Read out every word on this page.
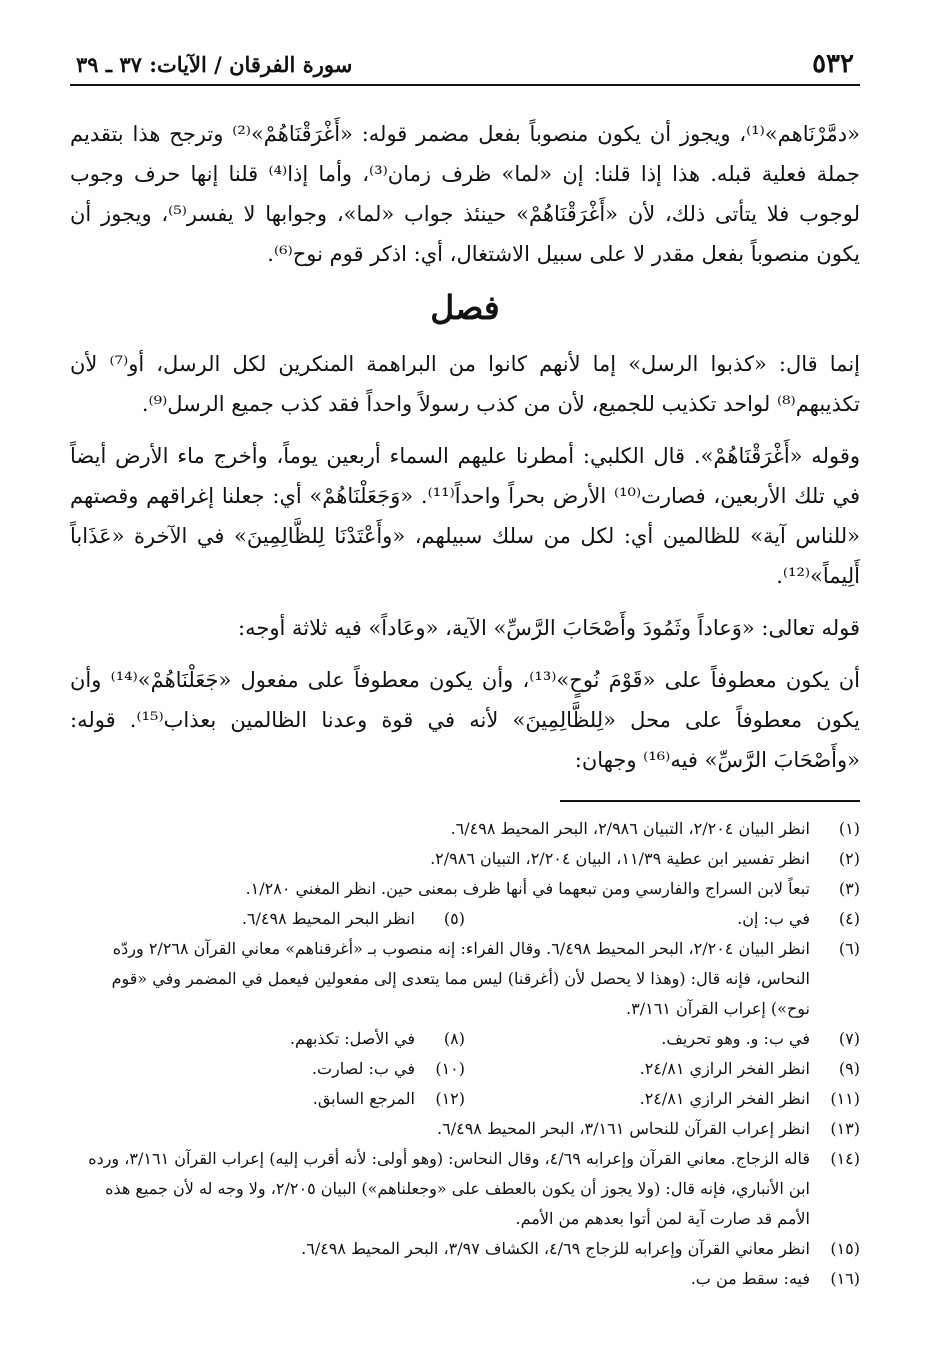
٥٣٢
سورة الفرقان / الآيات: ٣٧ ـ ٣٩

«دمَّرْنَاهم»⁽¹⁾، ويجوز أن يكون منصوباً بفعل مضمر قوله: «أَغْرَقْنَاهُمْ»⁽²⁾ وترجح هذا بتقديم جملة فعلية قبله. هذا إذا قلنا: إن «لما» ظرف زمان⁽³⁾، وأما إذا⁽⁴⁾ قلنا إنها حرف وجوب لوجوب فلا يتأتى ذلك، لأن «أَغْرَقْنَاهُمْ» حينئذ جواب «لما»، وجوابها لا يفسر⁽⁵⁾، ويجوز أن يكون منصوباً بفعل مقدر لا على سبيل الاشتغال، أي: اذكر قوم نوح⁽⁶⁾.

فصل

إنما قال: «كذبوا الرسل» إما لأنهم كانوا من البراهمة المنكرين لكل الرسل، أو⁽⁷⁾ لأن تكذيبهم⁽⁸⁾ لواحد تكذيب للجميع، لأن من كذب رسولاً واحداً فقد كذب جميع الرسل⁽⁹⁾.

وقوله «أَغْرَقْنَاهُمْ». قال الكلبي: أمطرنا عليهم السماء أربعين يوماً، وأخرج ماء الأرض أيضاً في تلك الأربعين، فصارت⁽¹⁰⁾ الأرض بحراً واحداً⁽¹¹⁾. «وَجَعَلْنَاهُمْ» أي: جعلنا إغراقهم وقصتهم «للناس آية» للظالمين أي: لكل من سلك سبيلهم، «وأَعْتَدْنَا لِلظَّالِمِينَ» في الآخرة «عَذَاباً أَلِيماً»⁽¹²⁾.

قوله تعالى: «وَعاداً وثَمُودَ وأَصْحَابَ الرَّسِّ» الآية، «وعَاداً» فيه ثلاثة أوجه:

أن يكون معطوفاً على «قَوْمَ نُوحٍ»⁽¹³⁾، وأن يكون معطوفاً على مفعول «جَعَلْنَاهُمْ»⁽¹⁴⁾ وأن يكون معطوفاً على محل «لِلظَّالِمِينَ» لأنه في قوة وعدنا الظالمين بعذاب⁽¹⁵⁾. قوله: «وأَصْحَابَ الرَّسِّ» فيه⁽¹⁶⁾ وجهان:

(١)
انظر البيان ٢/٢٠٤، التبيان ٢/٩٨٦، البحر المحيط ٦/٤٩٨.
(٢)
انظر تفسير ابن عطية ١١/٣٩، البيان ٢/٢٠٤، التبيان ٢/٩٨٦.
(٣)
تبعاً لابن السراج والفارسي ومن تبعهما في أنها ظرف بمعنى حين. انظر المغني ١/٢٨٠.
(٤)
في ب: إن.
(٥)
انظر البحر المحيط ٦/٤٩٨.
(٦)
انظر البيان ٢/٢٠٤، البحر المحيط ٦/٤٩٨. وقال الفراء: إنه منصوب بـ «أغرقناهم» معاني القرآن ٢/٢٦٨ وردّه النحاس، فإنه قال: (وهذا لا يحصل لأن (أغرقنا) ليس مما يتعدى إلى مفعولين فيعمل في المضمر وفي «قوم نوح») إعراب القرآن ٣/١٦١.
(٧)
في ب: و. وهو تحريف.
(٨)
في الأصل: تكذبهم.
(٩)
انظر الفخر الرازي ٢٤/٨١.
(١٠)
في ب: لصارت.
(١١)
انظر الفخر الرازي ٢٤/٨١.
(١٢)
المرجع السابق.
(١٣)
انظر إعراب القرآن للنحاس ٣/١٦١، البحر المحيط ٦/٤٩٨.
(١٤)
قاله الزجاج. معاني القرآن وإعرابه ٤/٦٩، وقال النحاس: (وهو أولى: لأنه أقرب إليه) إعراب القرآن ٣/١٦١، ورده ابن الأنباري، فإنه قال: (ولا يجوز أن يكون بالعطف على «وجعلناهم») البيان ٢/٢٠٥، ولا وجه له لأن جميع هذه الأمم قد صارت آية لمن أتوا بعدهم من الأمم.
(١٥)
انظر معاني القرآن وإعرابه للزجاج ٤/٦٩، الكشاف ٣/٩٧، البحر المحيط ٦/٤٩٨.
(١٦)
فيه: سقط من ب.
